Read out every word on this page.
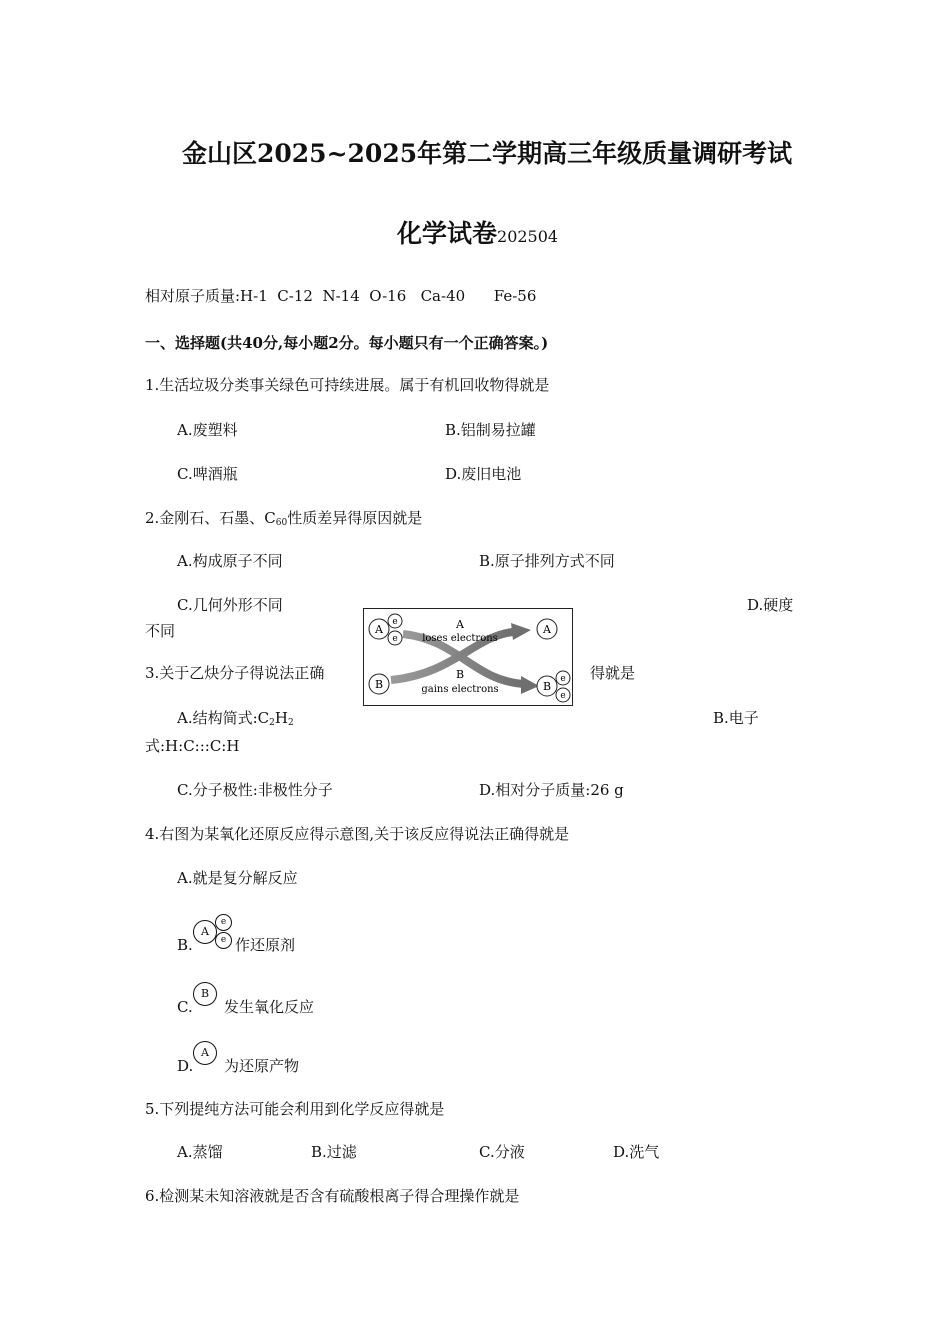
金山区2025~2025年第二学期高三年级质量调研考试
化学试卷202504
相对原子质量:H-1  C-12  N-14  O-16   Ca-40      Fe-56
一、选择题(共40分,每小题2分。每小题只有一个正确答案。)
1.生活垃圾分类事关绿色可持续进展。属于有机回收物得就是
A.废塑料	B.铝制易拉罐
C.啤酒瓶	D.废旧电池
2.金刚石、石墨、$C_{60}$性质差异得原因就是
A.构成原子不同	B.原子排列方式不同
C.几何外形不同	D.硬度
不同	A
e
e
A
B	B
e
e
A
loses electrons
B
gains electrons
3.关于乙炔分子得说法正确	得就是
A.结构简式$:C_2H_2$	B.电子
式:H:C:::C:H
C.分子极性:非极性分子	D.相对分子质量:26 g
4.右图为某氧化还原反应得示意图,关于该反应得说法正确得就是
A.就是复分解反应
B.
A
e
e 作还原剂
C.
B
发生氧化反应
D.
A
为还原产物
5.下列提纯方法可能会利用到化学反应得就是
A.蒸馏	B.过滤	C.分液	D.洗气
6.检测某未知溶液就是否含有硫酸根离子得合理操作就是
